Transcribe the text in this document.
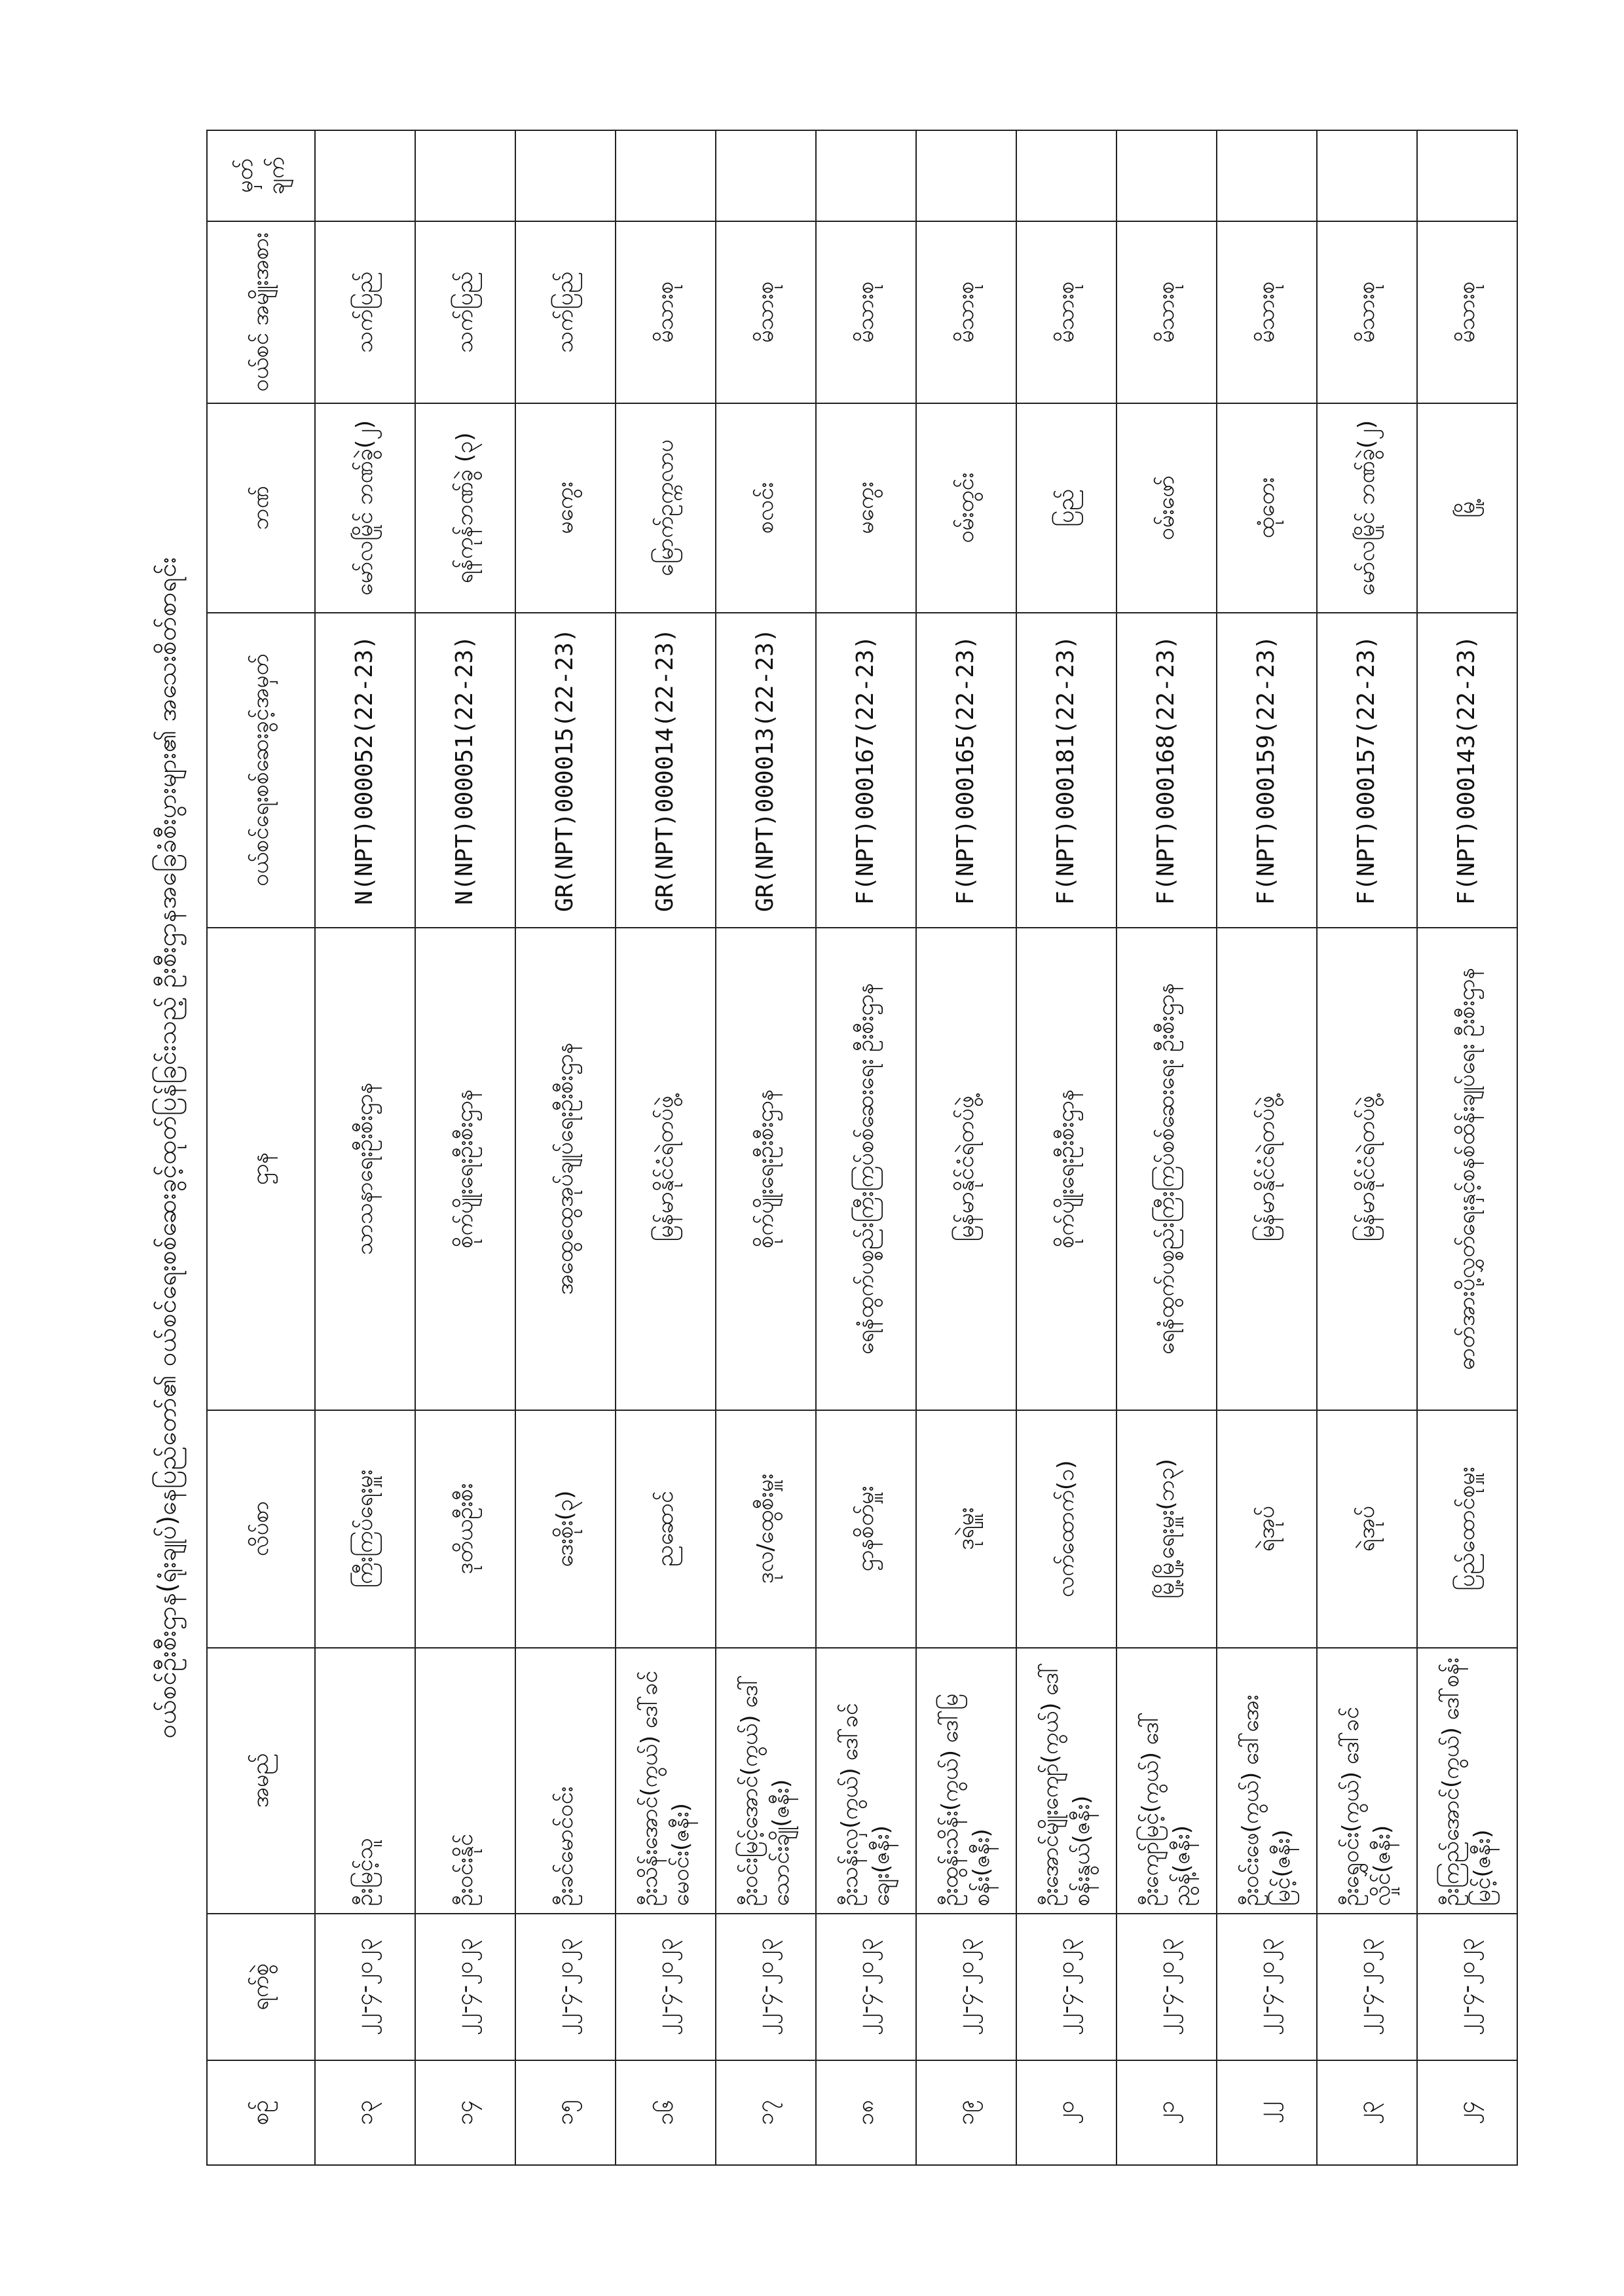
ဝယ်စင်ဦးစီးဌာန(ရုံးချုပ်)နေပြည်တော်၏ ဝယ်စင်ရေးစစ်ဆေးခွင့်ထုတ်ပြန်ခြင်းသည့် ဦးစီးဌာနအခြေခံစီးပွားများ၏ အသေးစိတ်စာရင်း
စဉ်	ရက်စွဲ	အမည်	လိပ်စာ	ဌာန	ဝယ်စင်ရေးစစ်ဆေးခွင့်အမှတ်	ဘဏ်	ဝယ်စင် အမျိုးအစား	မှတ် ချက်
၁၃	၂၂-၄-၂၀၂၃	ဦးမြင့်သူ	ကြီးကြပ်ရေးမှူး	သာသနာရေးဦးစီးဌာန	N(NPT)000052(22-23)	မော်လမြိုင် ဘဏ်ခွဲ(၂)	သက်ပြည်	
၁၄	၂၂-၄-၂၀၂၃	ဦးဝင်းနိုင်	ဒုတိယဦးစီး	စိုက်ပျိုးရေးဦးစီးဌာန	N(NPT)000051(22-23)	ရန်ကုန်ဘဏ်ခွဲ (၃)	သက်ပြည်	
၁၅	၂၂-၄-၂၀၂၃	ဦးခင်မောင်ဝင်း	ဒေးစိုး(၃)	အထွေထွေအုပ်ချုပ်ရေးဦးစီးဌာန	GR(NPT)000015(22-23)	မကွေး	သက်ပြည်	
၁၆	၂၂-၄-၂၀၂၃	ဦးသိန်းအောင်(ကွယ်) ဒေါ်ခင်မေဝင်း(ဇနီး)	ညဆောင်	မြန်မာနိုင်ငံရဲတပ်ဖွဲ့	GR(NPT)000014(22-23)	မြောက်ဥက္ကလာပ	မိသားစု	
၁၇	၂၂-၄-၂၀၂၃	ဦးဝင်းမြင့်အောင်(ကွယ်) ဒေါ်သောင်းချို(ဇနီး)	ဒုလ/ထွေစီးမှူး	စိုက်ပျိုးရေးဦးစီးဌာန	GR(NPT)000013(22-23)	စလင်း	မိသားစု	
၁၈	၂၂-၄-၂၀၂၃	ဦးသန်းလှ(ကွယ်) ဒေါ်ခင်ချေး(ဇနီး)	ဌာနစိတ်မှူး	ရေနံထွက်ပစ္စည်းကြီးကြပ်စစ်ဆေးရေး ဦးစီးဌာန	F(NPT)000167(22-23)	မကွေး	မိသားစု	
၁၉	၂၂-၄-၂၀၂၃	ဦးထွန်းသိန်း(ကွယ်) ဒေါ်မြစန်း(ဇနီး)	ဒုရဲမှူး	မြန်မာနိုင်ငံရဲတပ်ဖွဲ့	F(NPT)000165(22-23)	ဝမ်းတွင်း	မိသားစု	
၂၀	၂၂-၄-၂၀၂၃	ဦးအောင်မျိုးကျော်(ကွယ်) ဒေါ်စန်းနွယ်(ဇနီး)	လက်ထောက်(၁)	စိုက်ပျိုးရေးဦးစီးဌာန	F(NPT)000181(22-23)	ပြည်	မိသားစု	
၂၁	၂၂-၄-၂၀၂၃	ဦးကျော်မြင့်(ကွယ်) ဒေါ်ညွန့်(ဇနီး)	မြို့မြို့ရေးမှူး(ဘ၃)	ရေနံထွက်ပစ္စည်းကြီးကြပ်စစ်ဆေးရေး ဦးစီးဌာန	F(NPT)000168(22-23)	ဝမ်းဖော်	မိသားစု	
၂၂	၂၂-၄-၂၀၂၃	ဦးဝင်းဖေ(ကွယ်) ဒေါ်အေးမြင့်(ဇနီး)	ရဲအုပ်	မြန်မာနိုင်ငံရဲတပ်ဖွဲ့	F(NPT)000159(22-23)	ထုံတေး	မိသားစု	
၂၃	၂၂-၄-၂၀၂၃	ဦးရွှေဝင်း(ကွယ်) ဒေါ်ခင်လှိုင်(ဇနီး)	ရဲအုပ်	မြန်မာနိုင်ငံရဲတပ်ဖွဲ့	F(NPT)000157(22-23)	မော်လမြိုင် ဘဏ်ခွဲ(၂)	မိသားစု	
၂၄	၂၂-၄-၂၀၂၃	ဦးကြည်အောင်(ကွယ်) ဒေါ်စန်းမြင့်(ဇနီး)	ပြည်ထောင်စုမှူး	ဓာတ်အားပို့လွှတ်ရေးနှင့်စနစ်ထိန်းချုပ်ရေး ဦးစီးဌာန	F(NPT)000143(22-23)	မြို့	မိသားစု	
